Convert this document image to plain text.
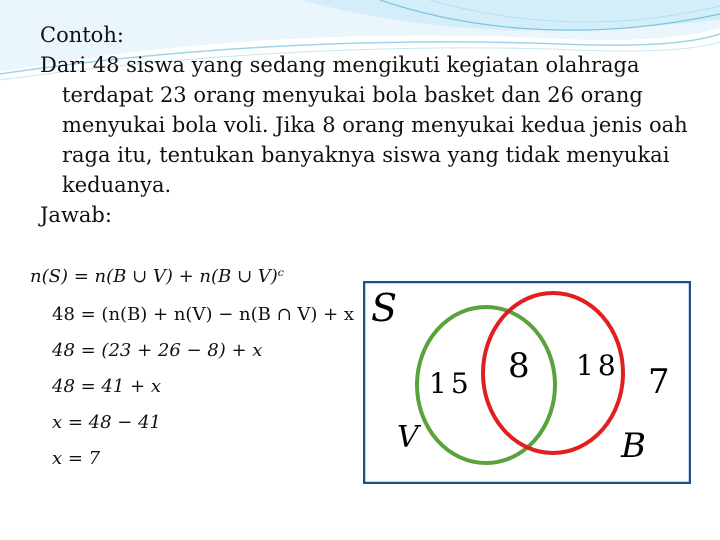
Contoh:
Dari 48 siswa yang sedang mengikuti kegiatan olahraga terdapat 23 orang menyukai bola basket dan 26 orang menyukai bola voli. Jika 8 orang menyukai kedua jenis oah raga itu, tentukan banyaknya siswa yang tidak menyukai keduanya.
Jawab:
n(S) = n(B ∪ V) + n(B ∪ V)ᶜ
48 = (n(B) + n(V) − n(B ∩ V) + x
48 = (23 + 26 − 8) + x
48 = 41 + x
x = 48 − 41
x = 7
S
V	B
15 8 18 7
